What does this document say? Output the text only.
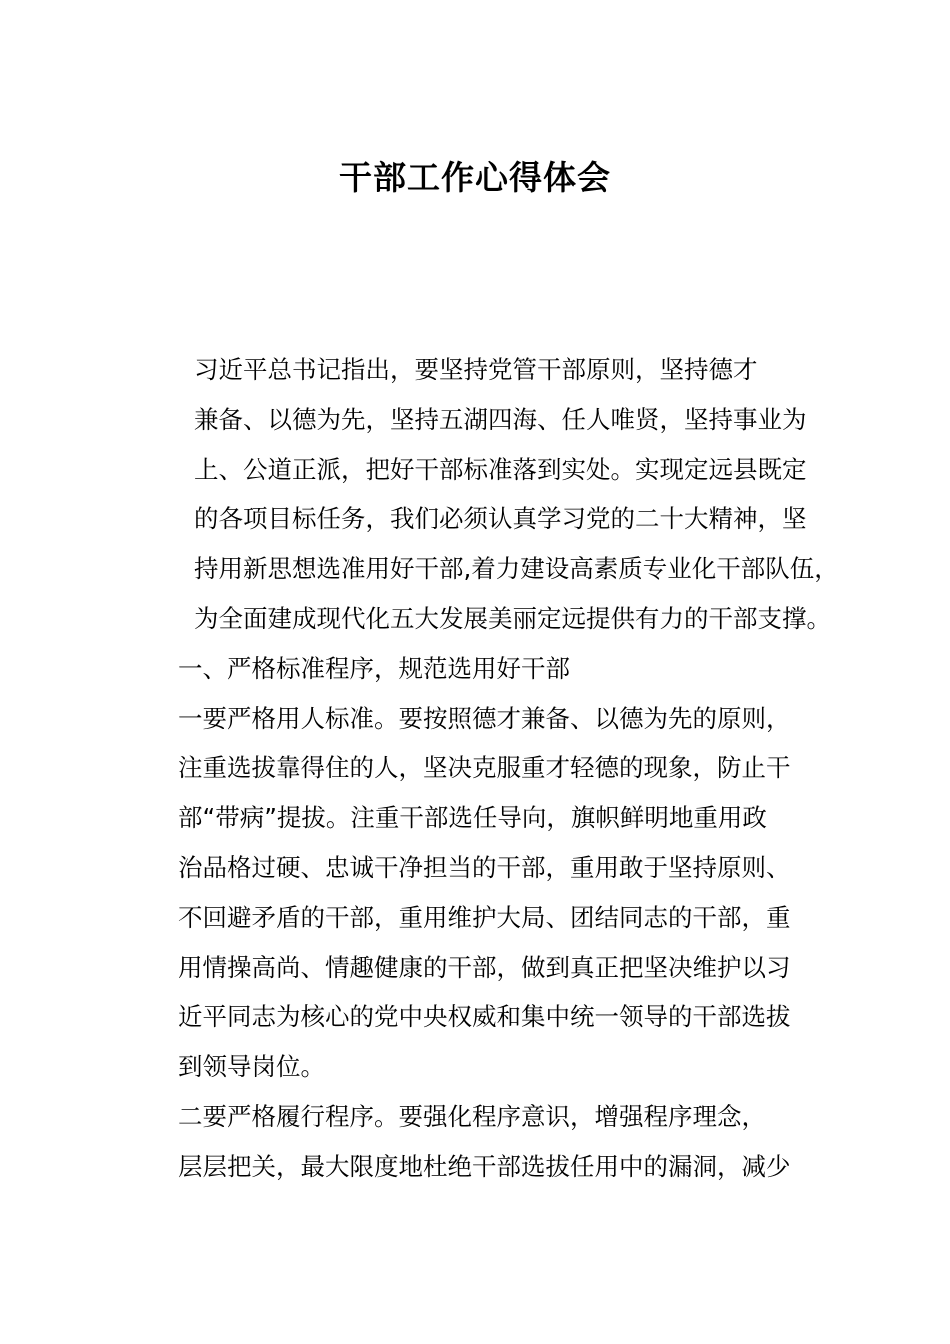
干部工作心得体会

习近平总书记指出，要坚持党管干部原则，坚持德才
兼备、以德为先，坚持五湖四海、任人唯贤，坚持事业为
上、公道正派，把好干部标准落到实处。实现定远县既定
的各项目标任务，我们必须认真学习党的二十大精神，坚
持用新思想选准用好干部,着力建设高素质专业化干部队伍，
为全面建成现代化五大发展美丽定远提供有力的干部支撑。

一、严格标准程序，规范选用好干部

一要严格用人标准。要按照德才兼备、以德为先的原则，
注重选拔靠得住的人，坚决克服重才轻德的现象，防止干
部“带病”提拔。注重干部选任导向，旗帜鲜明地重用政
治品格过硬、忠诚干净担当的干部，重用敢于坚持原则、
不回避矛盾的干部，重用维护大局、团结同志的干部，重
用情操高尚、情趣健康的干部，做到真正把坚决维护以习
近平同志为核心的党中央权威和集中统一领导的干部选拔
到领导岗位。

二要严格履行程序。要强化程序意识，增强程序理念，
层层把关，最大限度地杜绝干部选拔任用中的漏洞，减少
